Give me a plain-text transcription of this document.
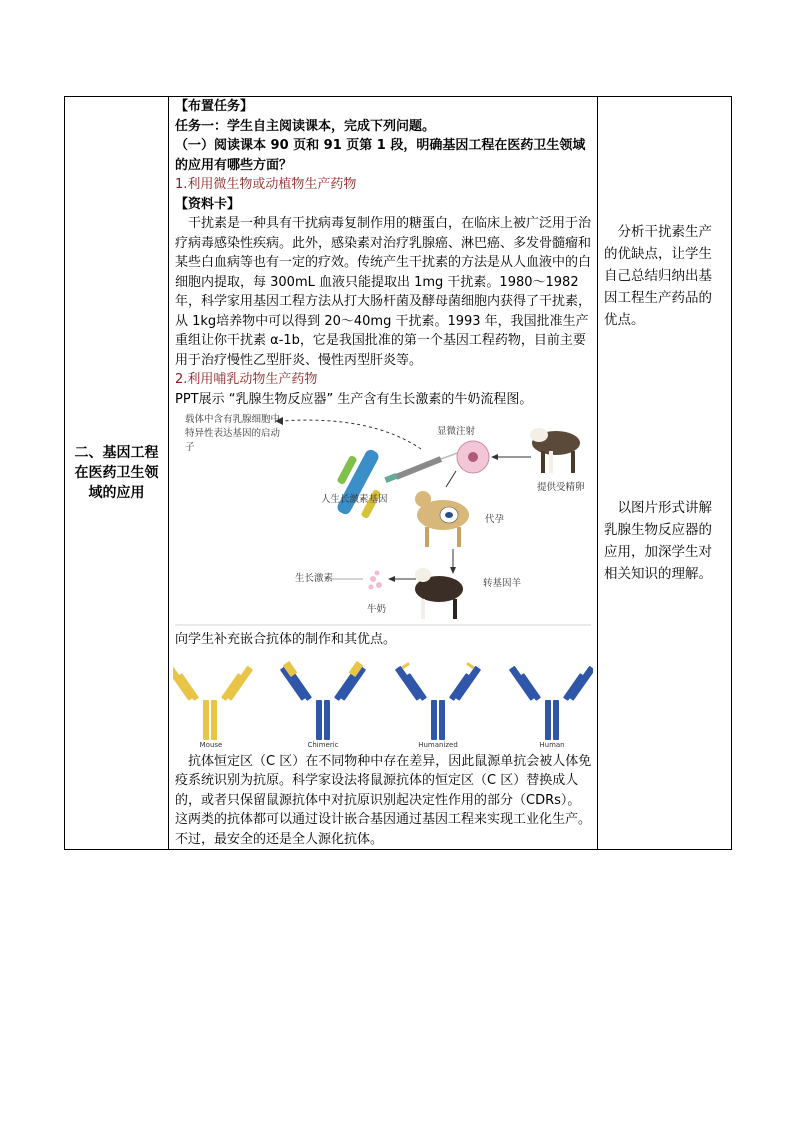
二、基因工程在医药卫生领域的应用

【布置任务】
任务一：学生自主阅读课本，完成下列问题。
（一）阅读课本 90 页和 91 页第 1 段，明确基因工程在医药卫生领域的应用有哪些方面？
1.利用微生物或动植物生产药物
【资料卡】
干扰素是一种具有干扰病毒复制作用的糖蛋白，在临床上被广泛用于治疗病毒感染性疾病。此外，感染素对治疗乳腺癌、淋巴癌、多发骨髓瘤和某些白血病等也有一定的疗效。传统产生干扰素的方法是从人血液中的白细胞内提取，每 300mL 血液只能提取出 1mg 干扰素。1980～1982 年，科学家用基因工程方法从打大肠杆菌及酵母菌细胞内获得了干扰素，从 1kg培养物中可以得到 20～40mg 干扰素。1993 年，我国批准生产重组让你干扰素 α-1b，它是我国批准的第一个基因工程药物，目前主要用于治疗慢性乙型肝炎、慢性丙型肝炎等。
2.利用哺乳动物生产药物
PPT展示 “乳腺生物反应器” 生产含有生长激素的牛奶流程图。
载体中含有乳腺细胞中特异性表达基因的启动子
显微注射
人生长激素基因
提供受精卵
代孕
生长激素
牛奶
转基因羊
向学生补充嵌合抗体的制作和其优点。
Mouse	Chimeric	Humanized	Human
抗体恒定区（C 区）在不同物种中存在差异，因此鼠源单抗会被人体免疫系统识别为抗原。科学家设法将鼠源抗体的恒定区（C 区）替换成人的，或者只保留鼠源抗体中对抗原识别起决定性作用的部分（CDRs）。这两类的抗体都可以通过设计嵌合基因通过基因工程来实现工业化生产。不过，最安全的还是全人源化抗体。

分析干扰素生产的优缺点，让学生自己总结归纳出基因工程生产药品的优点。
以图片形式讲解乳腺生物反应器的应用，加深学生对相关知识的理解。
